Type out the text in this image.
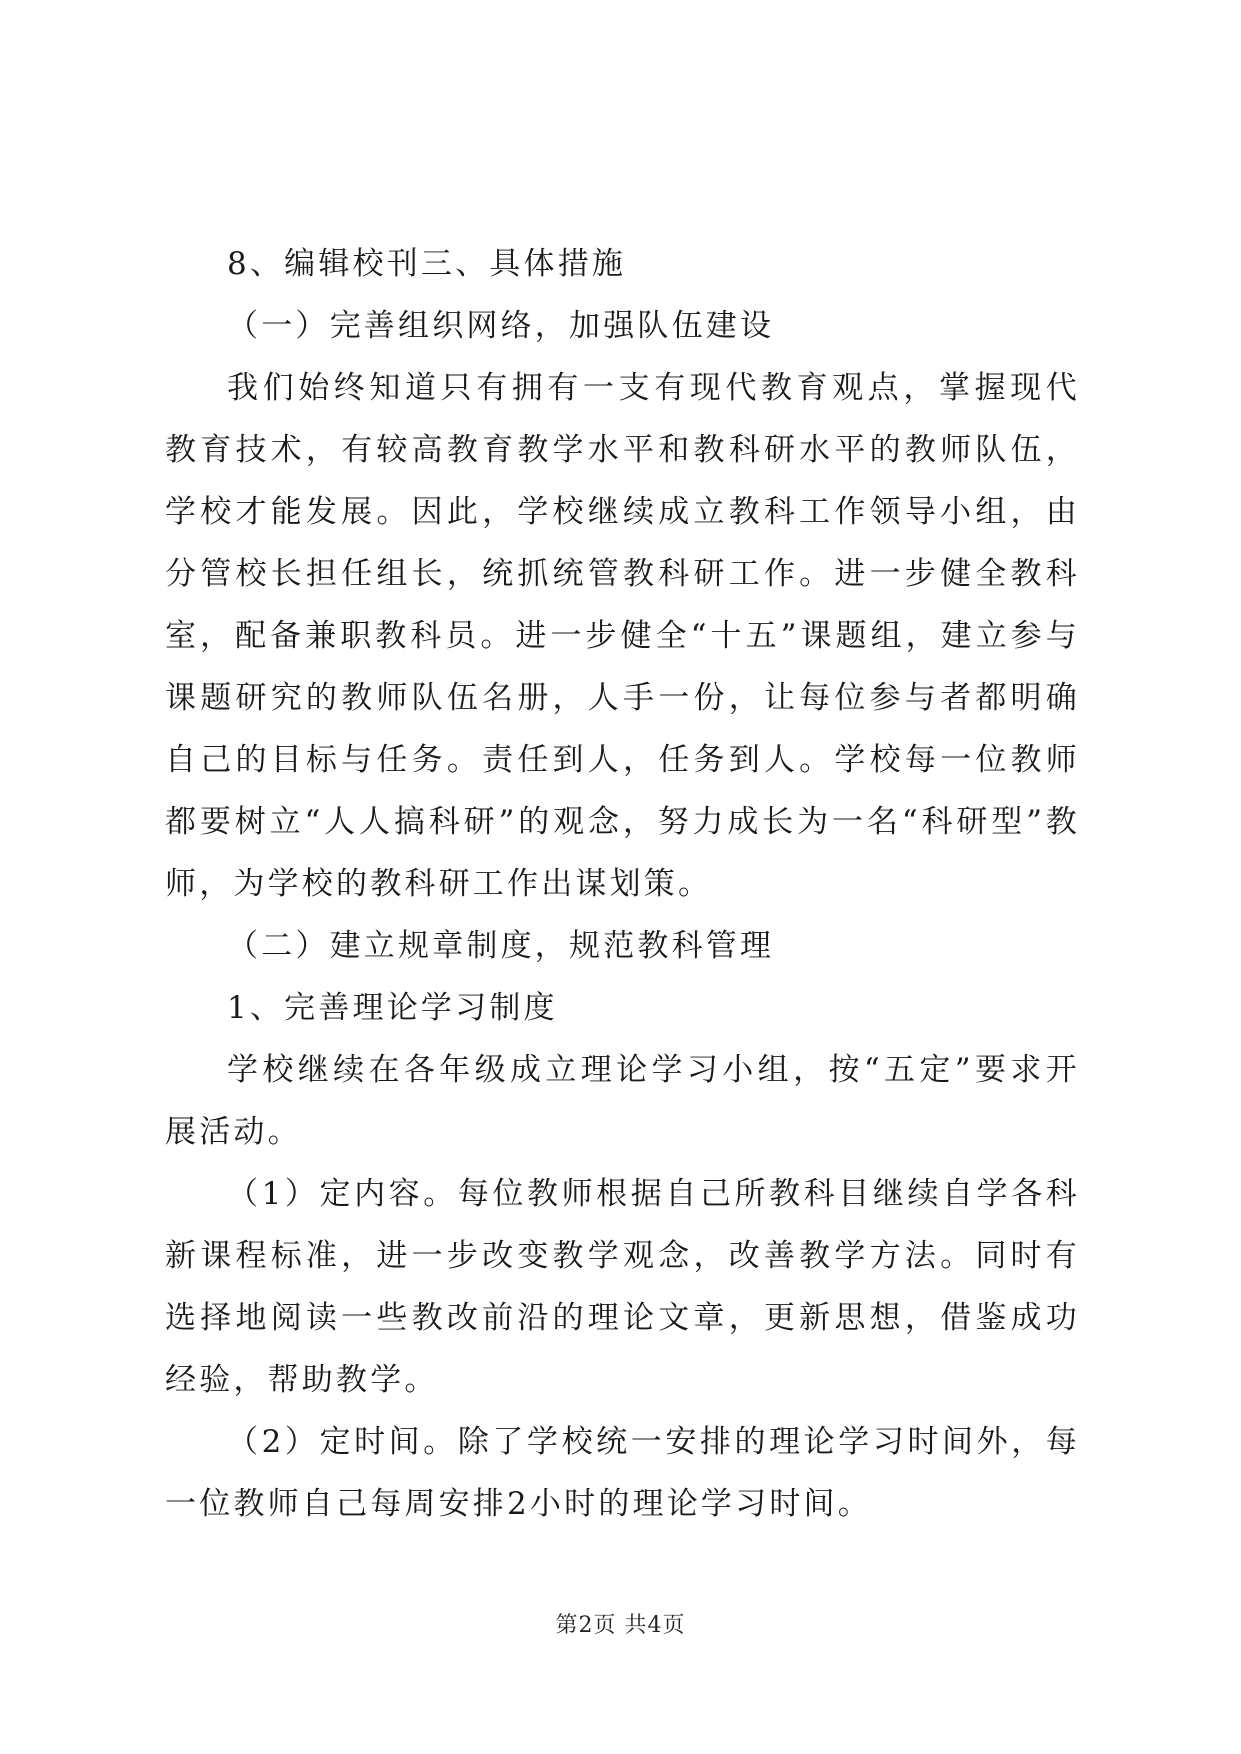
8、编辑校刊三、具体措施

（一）完善组织网络，加强队伍建设

我们始终知道只有拥有一支有现代教育观点，掌握现代教育技术，有较高教育教学水平和教科研水平的教师队伍，学校才能发展。因此，学校继续成立教科工作领导小组，由分管校长担任组长，统抓统管教科研工作。进一步健全教科室，配备兼职教科员。进一步健全“十五”课题组，建立参与课题研究的教师队伍名册，人手一份，让每位参与者都明确自己的目标与任务。责任到人，任务到人。学校每一位教师都要树立“人人搞科研”的观念，努力成长为一名“科研型”教师，为学校的教科研工作出谋划策。

（二）建立规章制度，规范教科管理

1、完善理论学习制度

学校继续在各年级成立理论学习小组，按“五定”要求开展活动。

（1）定内容。每位教师根据自己所教科目继续自学各科新课程标准，进一步改变教学观念，改善教学方法。同时有选择地阅读一些教改前沿的理论文章，更新思想，借鉴成功经验，帮助教学。

（2）定时间。除了学校统一安排的理论学习时间外，每一位教师自己每周安排2小时的理论学习时间。

第2页 共4页
